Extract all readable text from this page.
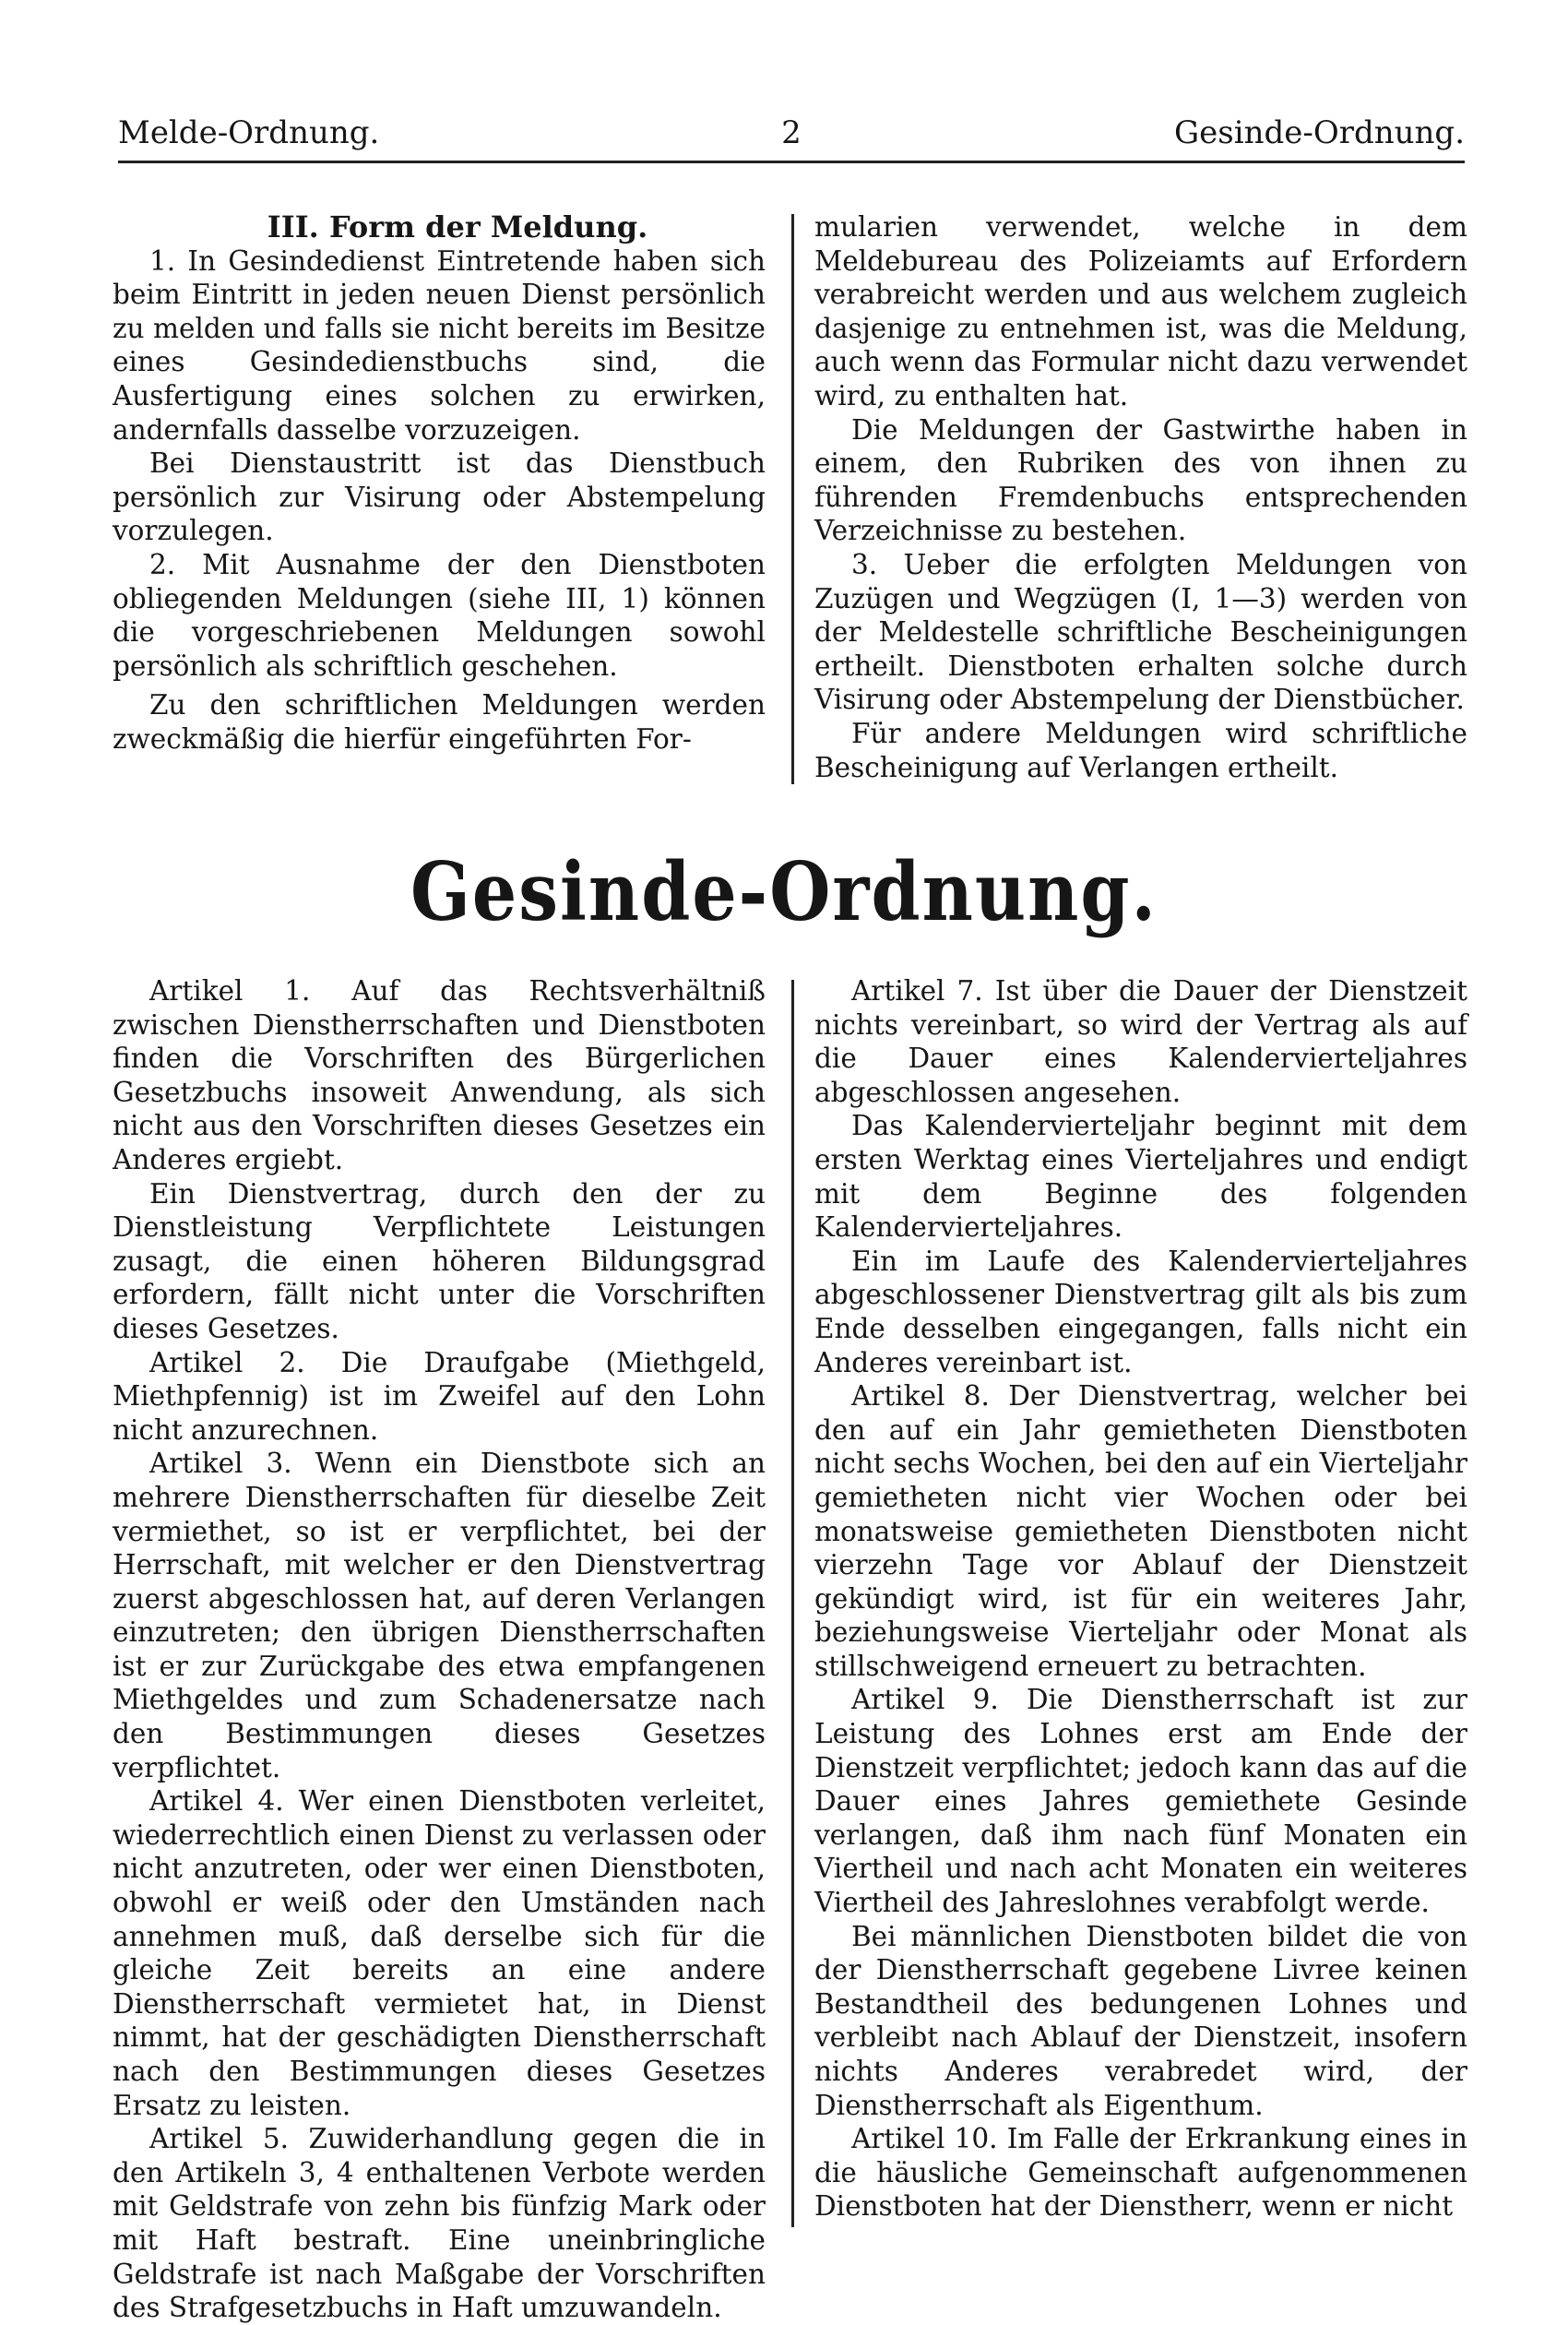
Melde-Ordnung.	2	Gesinde-Ordnung.

III. Form der Meldung.

1. In Gesindedienst Eintretende haben sich beim Eintritt in jeden neuen Dienst persönlich zu melden und falls sie nicht bereits im Besitze eines Gesindedienstbuchs sind, die Ausfertigung eines solchen zu erwirken, andernfalls dasselbe vorzuzeigen.

Bei Dienstaustritt ist das Dienstbuch persönlich zur Visirung oder Abstempelung vorzulegen.

2. Mit Ausnahme der den Dienstboten obliegenden Meldungen (siehe III, 1) können die vorgeschriebenen Meldungen sowohl persönlich als schriftlich geschehen.

Zu den schriftlichen Meldungen werden zweckmäßig die hierfür eingeführten For-

mularien verwendet, welche in dem Meldebureau des Polizeiamts auf Erfordern verabreicht werden und aus welchem zugleich dasjenige zu entnehmen ist, was die Meldung, auch wenn das Formular nicht dazu verwendet wird, zu enthalten hat.

Die Meldungen der Gastwirthe haben in einem, den Rubriken des von ihnen zu führenden Fremdenbuchs entsprechenden Verzeichnisse zu bestehen.

3. Ueber die erfolgten Meldungen von Zuzügen und Wegzügen (I, 1—3) werden von der Meldestelle schriftliche Bescheinigungen ertheilt. Dienstboten erhalten solche durch Visirung oder Abstempelung der Dienstbücher.

Für andere Meldungen wird schriftliche Bescheinigung auf Verlangen ertheilt.

Gesinde-Ordnung.

Artikel 1. Auf das Rechtsverhältniß zwischen Dienstherrschaften und Dienstboten finden die Vorschriften des Bürgerlichen Gesetzbuchs insoweit Anwendung, als sich nicht aus den Vorschriften dieses Gesetzes ein Anderes ergiebt.

Ein Dienstvertrag, durch den der zu Dienstleistung Verpflichtete Leistungen zusagt, die einen höheren Bildungsgrad erfordern, fällt nicht unter die Vorschriften dieses Gesetzes.

Artikel 2. Die Draufgabe (Miethgeld, Miethpfennig) ist im Zweifel auf den Lohn nicht anzurechnen.

Artikel 3. Wenn ein Dienstbote sich an mehrere Dienstherrschaften für dieselbe Zeit vermiethet, so ist er verpflichtet, bei der Herrschaft, mit welcher er den Dienstvertrag zuerst abgeschlossen hat, auf deren Verlangen einzutreten; den übrigen Dienstherrschaften ist er zur Zurückgabe des etwa empfangenen Miethgeldes und zum Schadenersatze nach den Bestimmungen dieses Gesetzes verpflichtet.

Artikel 4. Wer einen Dienstboten verleitet, wiederrechtlich einen Dienst zu verlassen oder nicht anzutreten, oder wer einen Dienstboten, obwohl er weiß oder den Umständen nach annehmen muß, daß derselbe sich für die gleiche Zeit bereits an eine andere Dienstherrschaft vermietet hat, in Dienst nimmt, hat der geschädigten Dienstherrschaft nach den Bestimmungen dieses Gesetzes Ersatz zu leisten.

Artikel 5. Zuwiderhandlung gegen die in den Artikeln 3, 4 enthaltenen Verbote werden mit Geldstrafe von zehn bis fünfzig Mark oder mit Haft bestraft. Eine uneinbringliche Geldstrafe ist nach Maßgabe der Vorschriften des Strafgesetzbuchs in Haft umzuwandeln.

Artikel 7. Ist über die Dauer der Dienstzeit nichts vereinbart, so wird der Vertrag als auf die Dauer eines Kalendervierteljahres abgeschlossen angesehen.

Das Kalendervierteljahr beginnt mit dem ersten Werktag eines Vierteljahres und endigt mit dem Beginne des folgenden Kalendervierteljahres.

Ein im Laufe des Kalendervierteljahres abgeschlossener Dienstvertrag gilt als bis zum Ende desselben eingegangen, falls nicht ein Anderes vereinbart ist.

Artikel 8. Der Dienstvertrag, welcher bei den auf ein Jahr gemietheten Dienstboten nicht sechs Wochen, bei den auf ein Vierteljahr gemietheten nicht vier Wochen oder bei monatsweise gemietheten Dienstboten nicht vierzehn Tage vor Ablauf der Dienstzeit gekündigt wird, ist für ein weiteres Jahr, beziehungsweise Vierteljahr oder Monat als stillschweigend erneuert zu betrachten.

Artikel 9. Die Dienstherrschaft ist zur Leistung des Lohnes erst am Ende der Dienstzeit verpflichtet; jedoch kann das auf die Dauer eines Jahres gemiethete Gesinde verlangen, daß ihm nach fünf Monaten ein Viertheil und nach acht Monaten ein weiteres Viertheil des Jahreslohnes verabfolgt werde.

Bei männlichen Dienstboten bildet die von der Dienstherrschaft gegebene Livree keinen Bestandtheil des bedungenen Lohnes und verbleibt nach Ablauf der Dienstzeit, insofern nichts Anderes verabredet wird, der Dienstherrschaft als Eigenthum.

Artikel 10. Im Falle der Erkrankung eines in die häusliche Gemeinschaft aufgenommenen Dienstboten hat der Dienstherr, wenn er nicht
